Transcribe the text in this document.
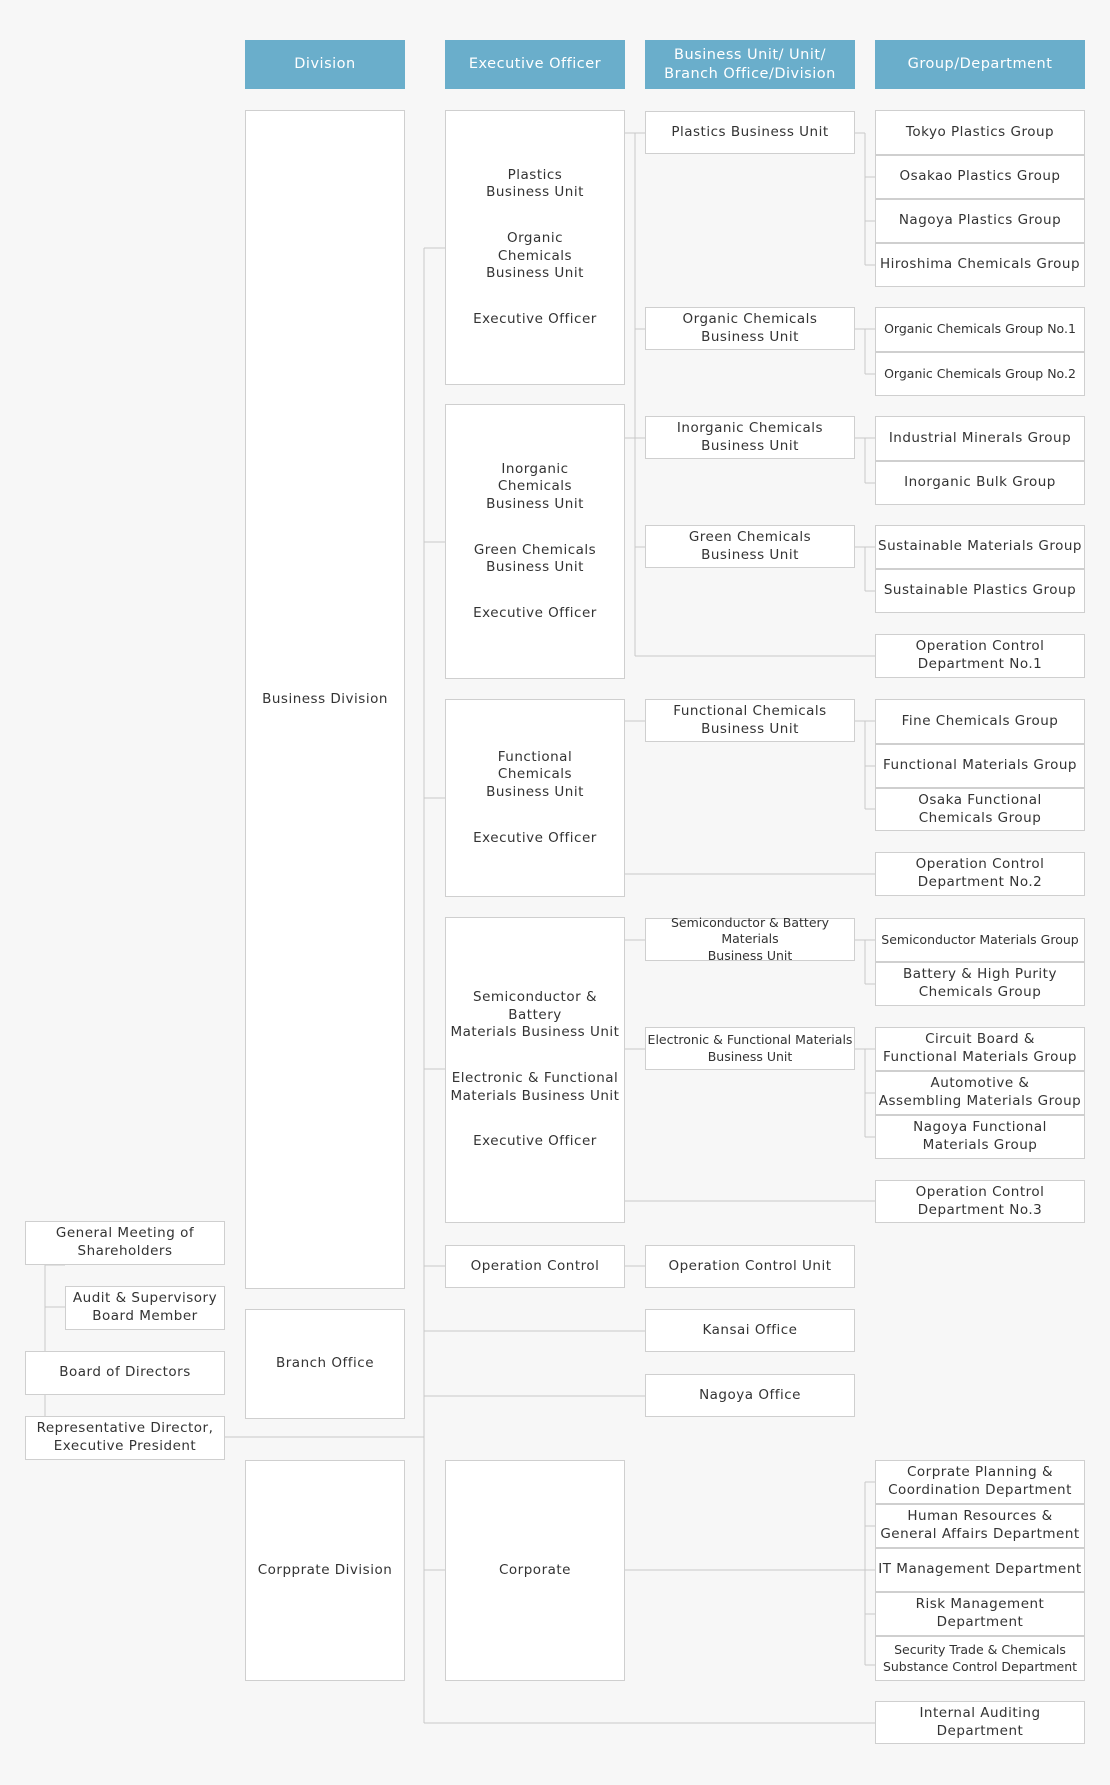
Division	Executive Officer
Business Unit/ Unit/
Branch Office/Division
Group/Department
Business Division
Branch Office
Corpprate Division
Plastics
Business Unit
Organic
Chemicals
Business Unit
Executive Officer
Inorganic
Chemicals
Business Unit
Green Chemicals
Business Unit
Executive Officer
Functional
Chemicals
Business Unit
Executive Officer
Semiconductor & Battery
Materials Business Unit
Electronic & Functional
Materials Business Unit
Executive Officer
Operation Control
Corporate
Plastics Business Unit
Organic Chemicals
Business Unit
Inorganic Chemicals
Business Unit
Green Chemicals
Business Unit
Functional Chemicals
Business Unit
Semiconductor & Battery Materials
Business Unit
Electronic & Functional Materials
Business Unit
Operation Control Unit
Kansai Office
Nagoya Office
Tokyo Plastics Group
Osakao Plastics Group
Nagoya Plastics Group
Hiroshima Chemicals Group
Organic Chemicals Group No.1
Organic Chemicals Group No.2
Industrial Minerals Group
Inorganic Bulk Group
Sustainable Materials Group
Sustainable Plastics Group
Operation Control
Department No.1
Fine Chemicals Group
Functional Materials Group
Osaka Functional
Chemicals Group
Operation Control
Department No.2
Semiconductor Materials Group
Battery & High Purity
Chemicals Group
Circuit Board &
Functional Materials Group
Automotive &
Assembling Materials Group
Nagoya Functional
Materials Group
Operation Control
Department No.3
Corprate Planning &
Coordination Department
Human Resources &
General Affairs Department
IT Management Department
Risk Management Department
Security Trade & Chemicals
Substance Control Department
Internal Auditing Department
General Meeting of
Shareholders
Audit & Supervisory
Board Member
Board of Directors
Representative Director,
Executive President
